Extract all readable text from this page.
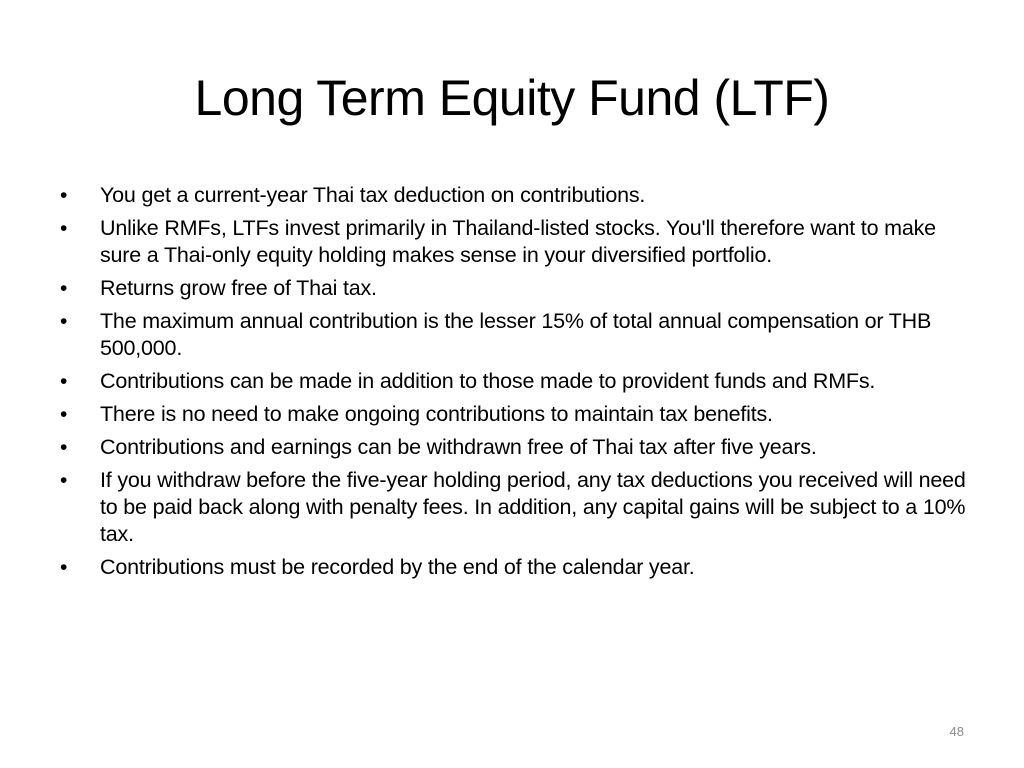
Long Term Equity Fund (LTF)
• You get a current-year Thai tax deduction on contributions.
• Unlike RMFs, LTFs invest primarily in Thailand-listed stocks. You'll therefore want to make sure a Thai-only equity holding makes sense in your diversified portfolio.
• Returns grow free of Thai tax.
• The maximum annual contribution is the lesser 15% of total annual compensation or THB 500,000.
• Contributions can be made in addition to those made to provident funds and RMFs.
• There is no need to make ongoing contributions to maintain tax benefits.
• Contributions and earnings can be withdrawn free of Thai tax after five years.
• If you withdraw before the five-year holding period, any tax deductions you received will need to be paid back along with penalty fees. In addition, any capital gains will be subject to a 10% tax.
• Contributions must be recorded by the end of the calendar year.
48
